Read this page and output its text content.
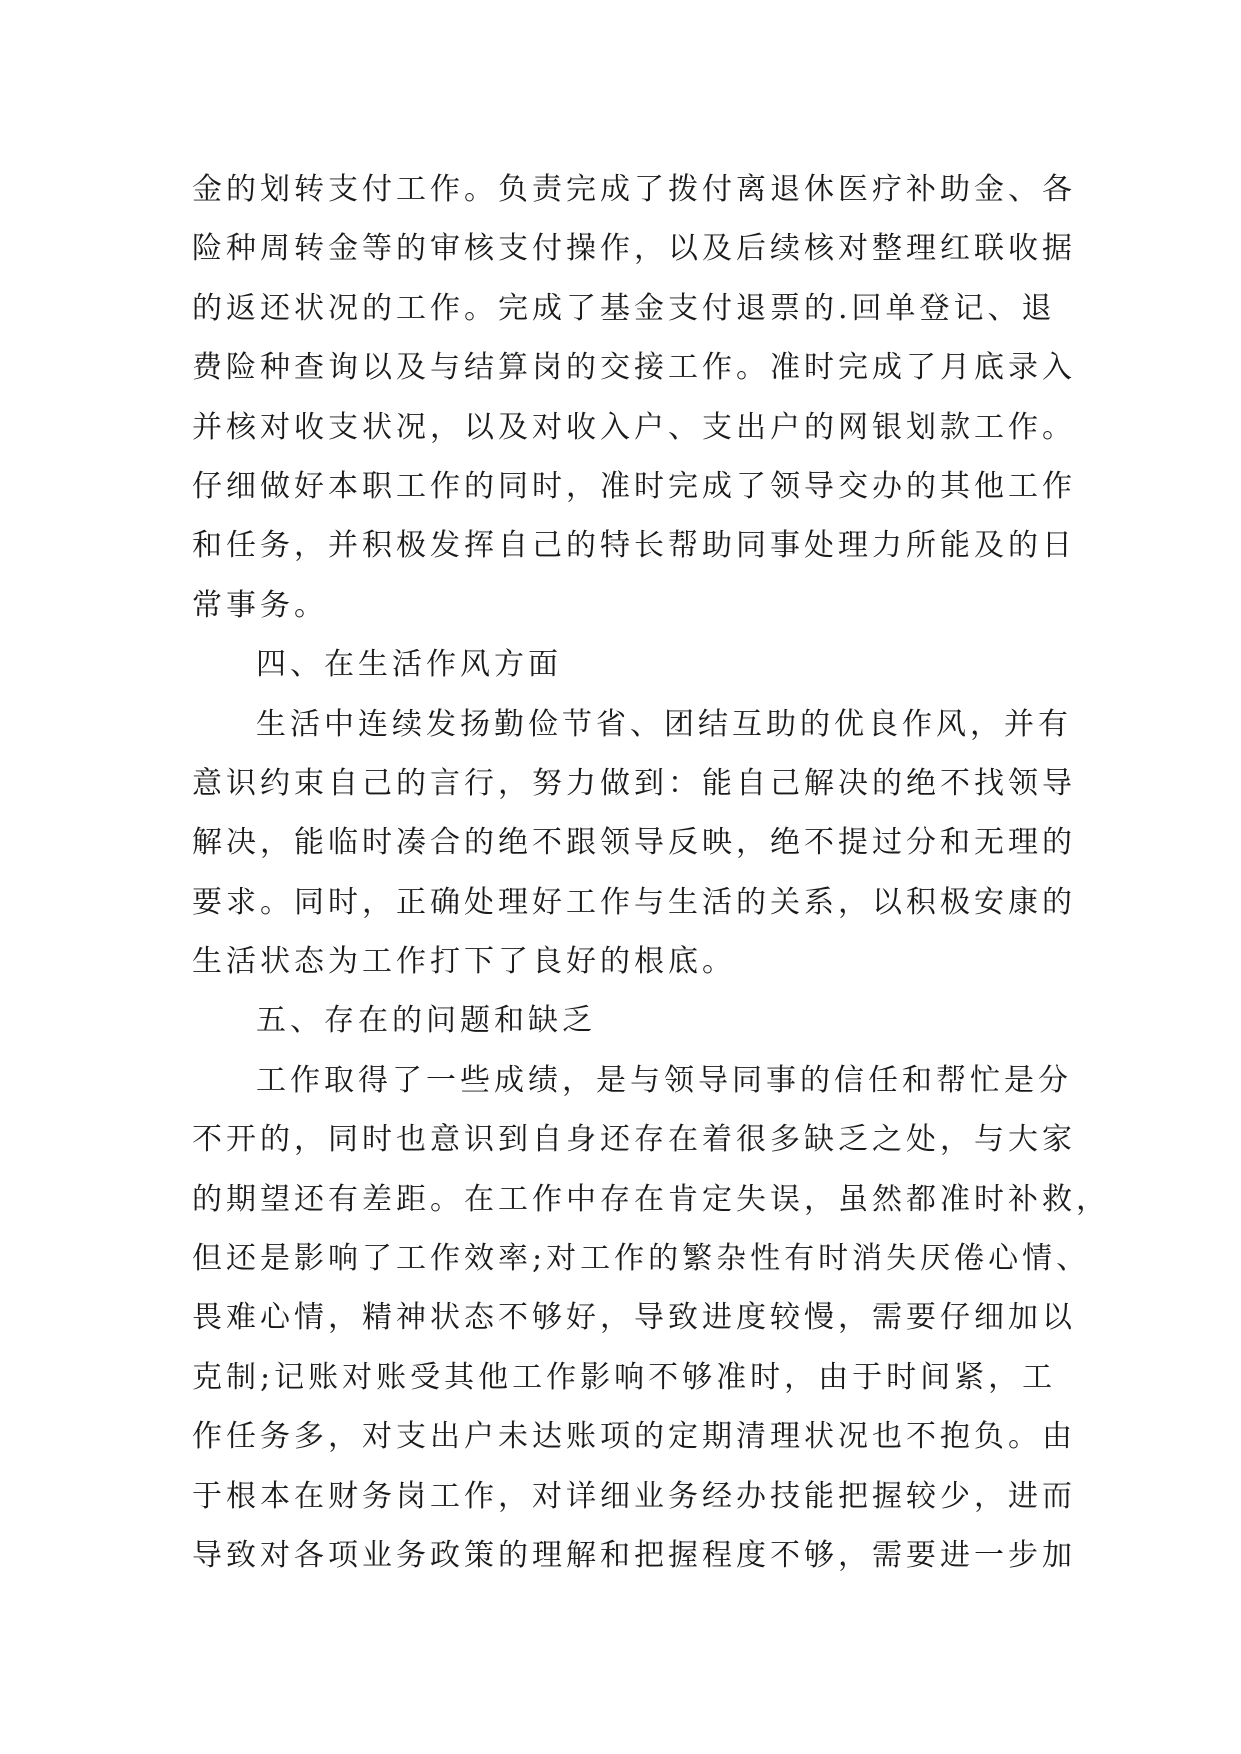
金的划转支付工作。负责完成了拨付离退休医疗补助金、各
险种周转金等的审核支付操作，以及后续核对整理红联收据
的返还状况的工作。完成了基金支付退票的.回单登记、退
费险种查询以及与结算岗的交接工作。准时完成了月底录入
并核对收支状况，以及对收入户、支出户的网银划款工作。
仔细做好本职工作的同时，准时完成了领导交办的其他工作
和任务，并积极发挥自己的特长帮助同事处理力所能及的日
常事务。
四、在生活作风方面
生活中连续发扬勤俭节省、团结互助的优良作风，并有
意识约束自己的言行，努力做到：能自己解决的绝不找领导
解决，能临时凑合的绝不跟领导反映，绝不提过分和无理的
要求。同时，正确处理好工作与生活的关系，以积极安康的
生活状态为工作打下了良好的根底。
五、存在的问题和缺乏
工作取得了一些成绩，是与领导同事的信任和帮忙是分
不开的，同时也意识到自身还存在着很多缺乏之处，与大家
的期望还有差距。在工作中存在肯定失误，虽然都准时补救，
但还是影响了工作效率;对工作的繁杂性有时消失厌倦心情、
畏难心情，精神状态不够好，导致进度较慢，需要仔细加以
克制;记账对账受其他工作影响不够准时，由于时间紧，工
作任务多，对支出户未达账项的定期清理状况也不抱负。由
于根本在财务岗工作，对详细业务经办技能把握较少，进而
导致对各项业务政策的理解和把握程度不够，需要进一步加
